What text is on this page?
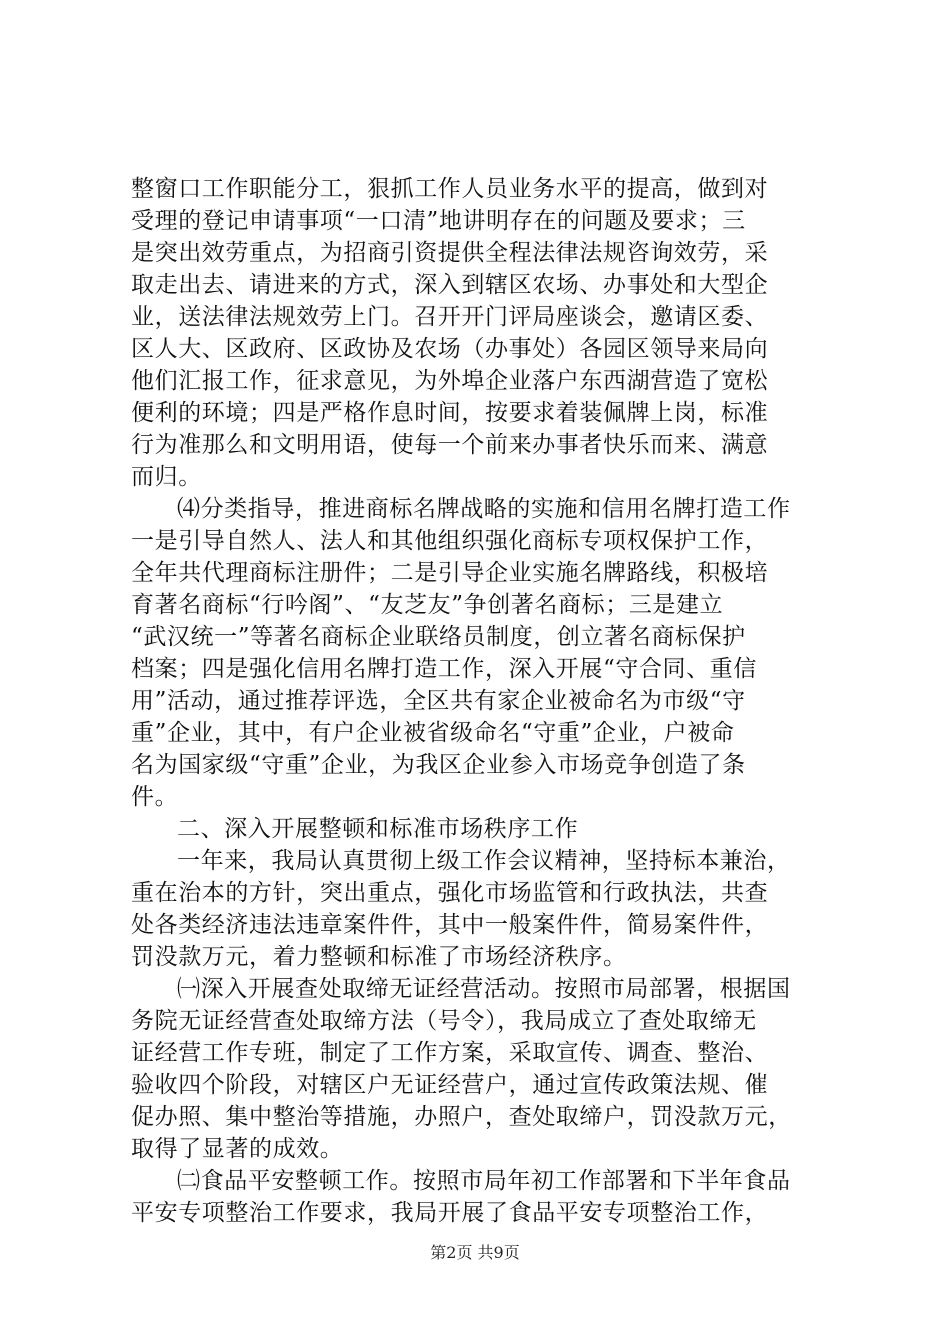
整窗口工作职能分工，狠抓工作人员业务水平的提高，做到对
受理的登记申请事项“一口清”地讲明存在的问题及要求；三
是突出效劳重点，为招商引资提供全程法律法规咨询效劳，采
取走出去、请进来的方式，深入到辖区农场、办事处和大型企
业，送法律法规效劳上门。召开开门评局座谈会，邀请区委、
区人大、区政府、区政协及农场（办事处）各园区领导来局向
他们汇报工作，征求意见，为外埠企业落户东西湖营造了宽松
便利的环境；四是严格作息时间，按要求着装佩牌上岗，标准
行为准那么和文明用语，使每一个前来办事者快乐而来、满意
而归。
⑷分类指导，推进商标名牌战略的实施和信用名牌打造工作
一是引导自然人、法人和其他组织强化商标专项权保护工作，
全年共代理商标注册件；二是引导企业实施名牌路线，积极培
育著名商标“行吟阁”、“友芝友”争创著名商标；三是建立
“武汉统一”等著名商标企业联络员制度，创立著名商标保护
档案；四是强化信用名牌打造工作，深入开展“守合同、重信
用”活动，通过推荐评选，全区共有家企业被命名为市级“守
重”企业，其中，有户企业被省级命名“守重”企业，户被命
名为国家级“守重”企业，为我区企业参入市场竞争创造了条
件。
二、深入开展整顿和标准市场秩序工作
一年来，我局认真贯彻上级工作会议精神，坚持标本兼治，
重在治本的方针，突出重点，强化市场监管和行政执法，共查
处各类经济违法违章案件件，其中一般案件件，简易案件件，
罚没款万元，着力整顿和标准了市场经济秩序。
㈠深入开展查处取缔无证经营活动。按照市局部署，根据国
务院无证经营查处取缔方法（号令），我局成立了查处取缔无
证经营工作专班，制定了工作方案，采取宣传、调查、整治、
验收四个阶段，对辖区户无证经营户，通过宣传政策法规、催
促办照、集中整治等措施，办照户，查处取缔户，罚没款万元，
取得了显著的成效。
㈡食品平安整顿工作。按照市局年初工作部署和下半年食品
平安专项整治工作要求，我局开展了食品平安专项整治工作，
第2页 共9页
